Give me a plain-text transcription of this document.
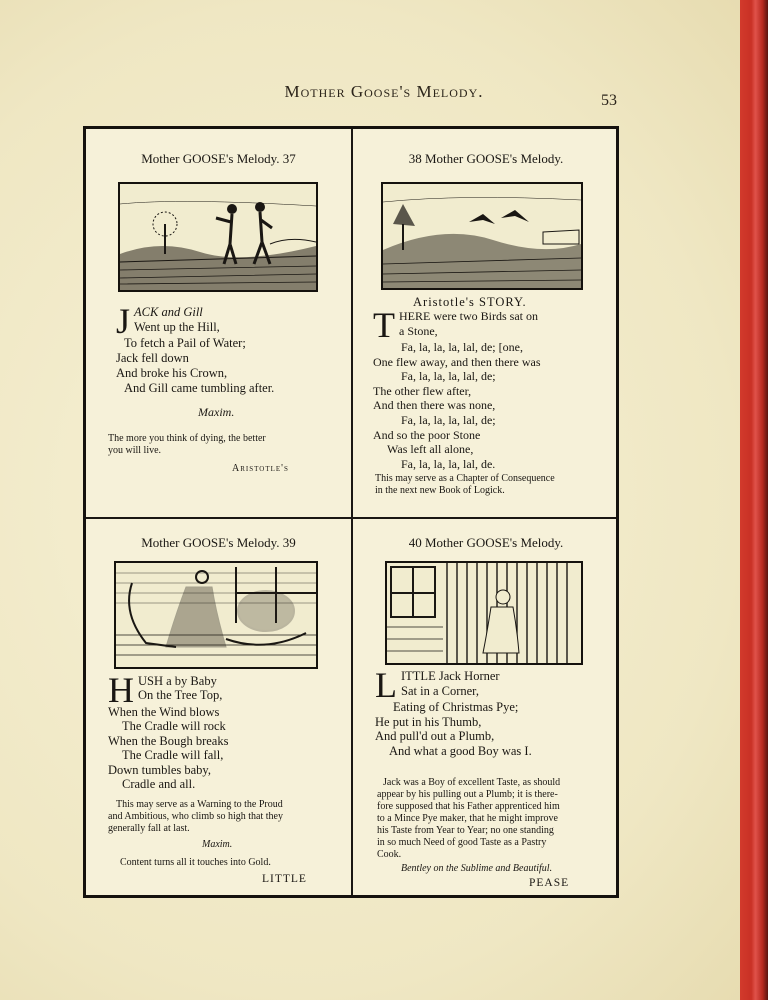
Mother Goose's Melody.	53
Mother GOOSE's Melody. 37
J ACK and Gill
Went up the Hill,
To fetch a Pail of Water;
Jack fell down
And broke his Crown,
And Gill came tumbling after.
Maxim.
The more you think of dying, the better
you will live.
Aristotle's
38 Mother GOOSE's Melody.
Aristotle's STORY.
T HERE were two Birds sat on
a Stone,
Fa, la, la, la, lal, de; [one,
One flew away, and then there was
Fa, la, la, la, lal, de;
The other flew after,
And then there was none,
Fa, la, la, la, lal, de;
And so the poor Stone
Was left all alone,
Fa, la, la, la, lal, de.
This may serve as a Chapter of Consequence
in the next new Book of Logick.
Mother GOOSE's Melody. 39
H USH a by Baby
On the Tree Top,
When the Wind blows
The Cradle will rock
When the Bough breaks
The Cradle will fall,
Down tumbles baby,
Cradle and all.
This may serve as a Warning to the Proud
and Ambitious, who climb so high that they
generally fall at last.
Maxim.
Content turns all it touches into Gold.
LITTLE
40 Mother GOOSE's Melody.
L ITTLE Jack Horner
Sat in a Corner,
Eating of Christmas Pye;
He put in his Thumb,
And pull'd out a Plumb,
And what a good Boy was I.
Jack was a Boy of excellent Taste, as should
appear by his pulling out a Plumb; it is there-
fore supposed that his Father apprenticed him
to a Mince Pye maker, that he might improve
his Taste from Year to Year; no one standing
in so much Need of good Taste as a Pastry
Cook.
Bentley on the Sublime and Beautiful.
PEASE
